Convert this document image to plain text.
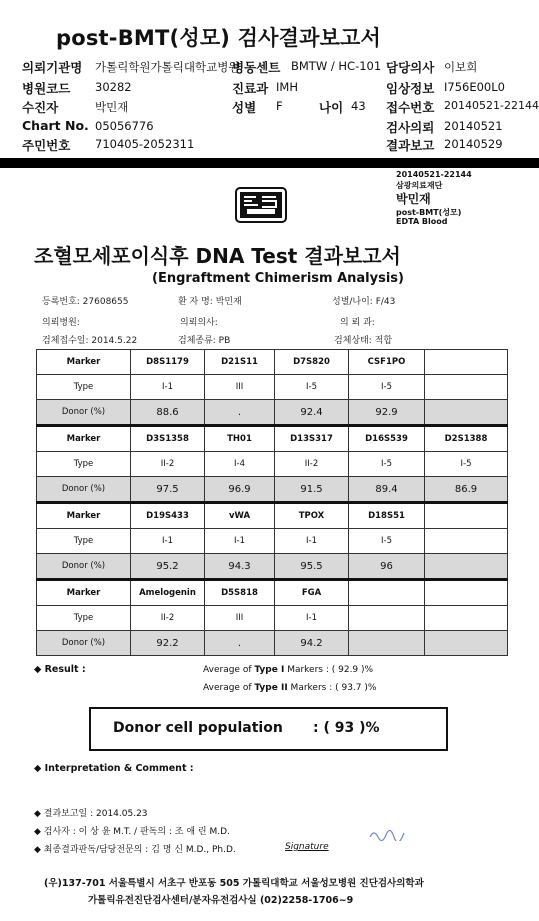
post-BMT(성모) 검사결과보고서
의뢰기관명 가톨릭학원가톨릭대학교병원
병동센트 BMTW / HC-101 담당의사 이보희
병원코드 30282	진료과 IMH	임상정보 I756E00L0
수진자	박민재	성별 F	나이 43 접수번호 20140521-22144
Chart No. 05056776	검사의뢰 20140521
주민번호 710405-2052311	결과보고 20140529
20140521-22144
삼광의료재단
박민재
post-BMT(성모)
EDTA Blood
조혈모세포이식후 DNA Test 결과보고서
(Engraftment Chimerism Analysis)
등록번호: 27608655	환 자 명: 박민재	성별/나이: F/43
의뢰병원:	의뢰의사:	의 뢰 과:
검체접수일: 2014.5.22	검체종류: PB	검체상태: 적합
Marker	D8S1179	D21S11	D7S820	CSF1PO	
Type	I-1	III	I-5	I-5	
Donor (%)	88.6	.	92.4	92.9	
Marker	D3S1358	TH01	D13S317	D16S539	D2S1388
Type	II-2	I-4	II-2	I-5	I-5
Donor (%)	97.5	96.9	91.5	89.4	86.9
Marker	D19S433	vWA	TPOX	D18S51	
Type	I-1	I-1	I-1	I-5	
Donor (%)	95.2	94.3	95.5	96	
Marker	Amelogenin	D5S818	FGA		
Type	II-2	III	I-1		
Donor (%)	92.2	.	94.2		
◆ Result :	Average of Type I Markers : ( 92.9 )%
Average of Type II Markers : ( 93.7 )%
Donor cell population : ( 93 )%
◆ Interpretation & Comment :
◆ 결과보고일 : 2014.05.23
◆ 검사자 : 이 상 윤 M.T. / 판독의 : 조 애 린 M.D.
◆ 최종결과판독/담당전문의 : 김 명 신 M.D., Ph.D.	Signature
(우)137-701 서울특별시 서초구 반포동 505 가톨릭대학교 서울성모병원 진단검사의학과
가톨릭유전진단검사센터/분자유전검사실 (02)2258-1706~9
